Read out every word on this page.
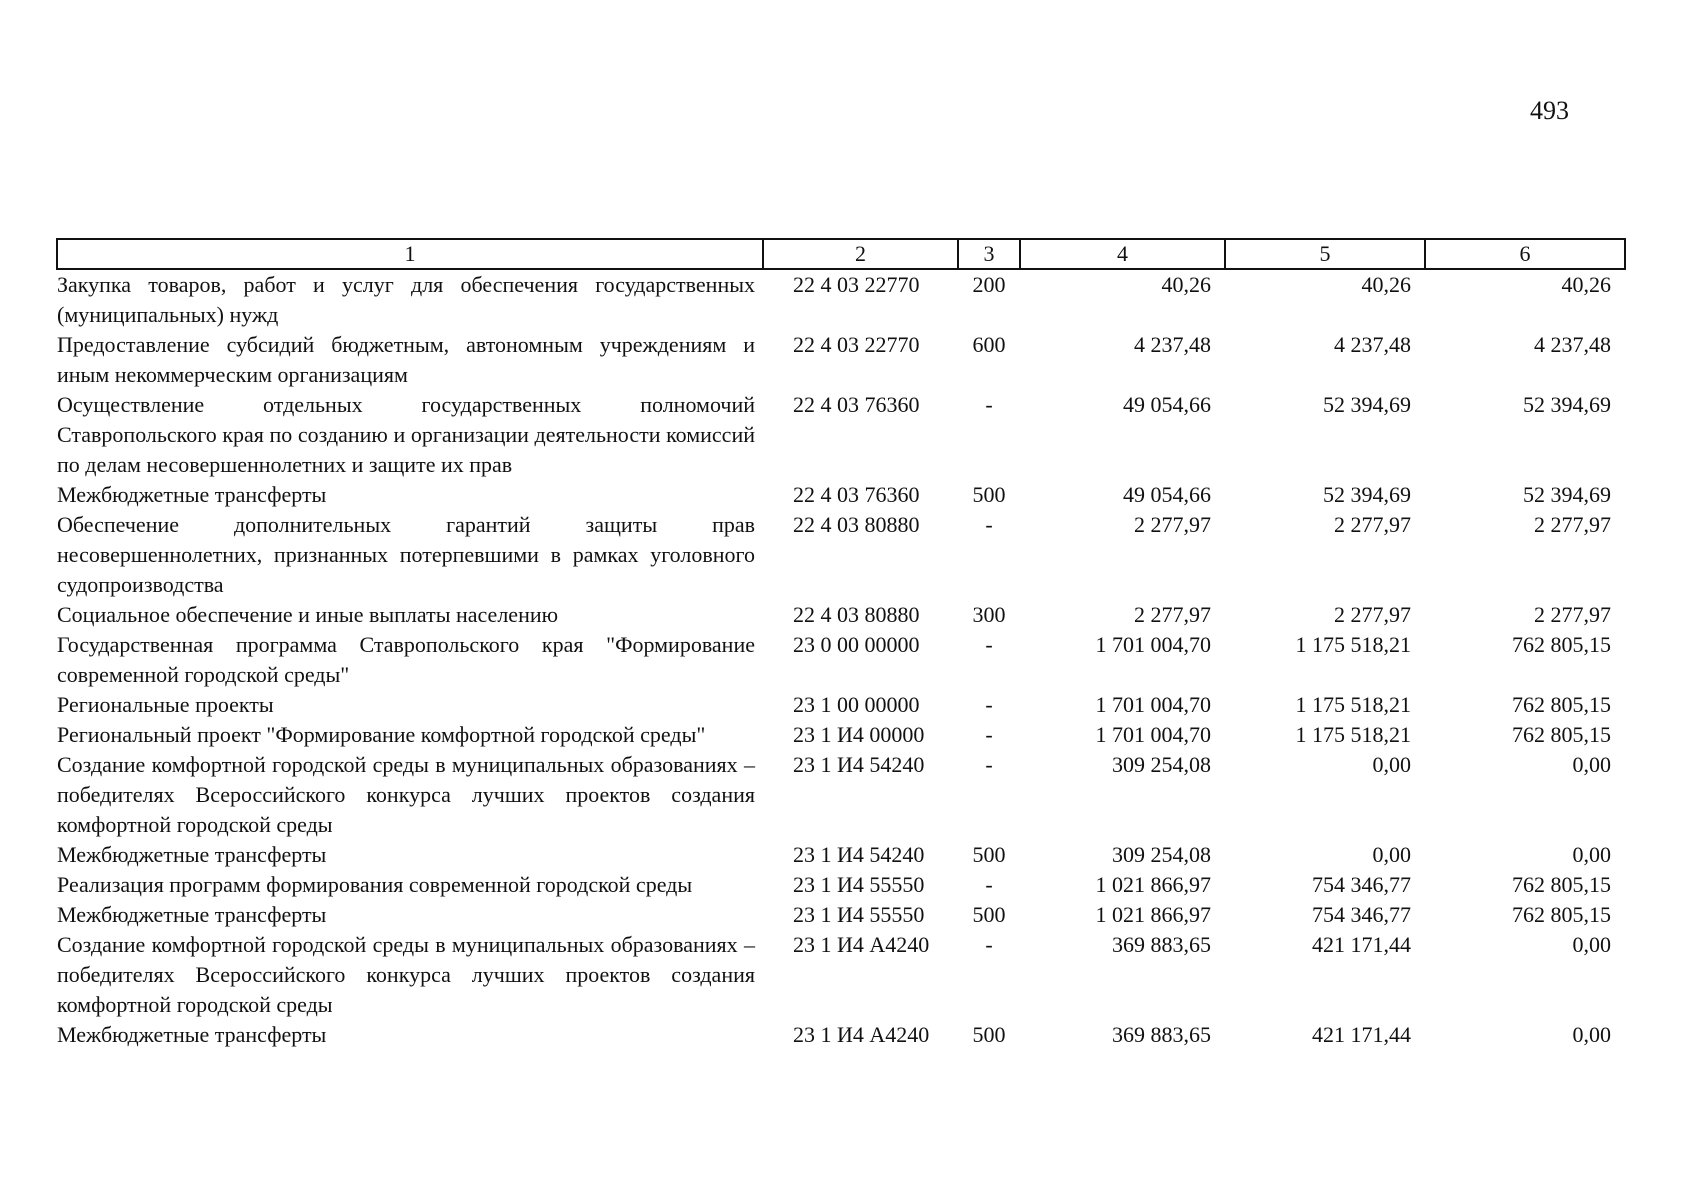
493
1	2	3	4	5	6
Закупка товаров, работ и услуг для обеспечения государственных (муниципальных) нужд	22 4 03 22770	200	40,26	40,26	40,26
Предоставление субсидий бюджетным, автономным учреждениям и иным некоммерческим организациям	22 4 03 22770	600	4 237,48	4 237,48	4 237,48
Осуществление отдельных государственных полномочий Ставропольского края по созданию и организации деятельности комиссий по делам несовершеннолетних и защите их прав	22 4 03 76360	-	49 054,66	52 394,69	52 394,69
Межбюджетные трансферты	22 4 03 76360	500	49 054,66	52 394,69	52 394,69
Обеспечение дополнительных гарантий защиты прав несовершеннолетних, признанных потерпевшими в рамках уголовного судопроизводства	22 4 03 80880	-	2 277,97	2 277,97	2 277,97
Социальное обеспечение и иные выплаты населению	22 4 03 80880	300	2 277,97	2 277,97	2 277,97
Государственная программа Ставропольского края "Формирование современной городской среды"	23 0 00 00000	-	1 701 004,70	1 175 518,21	762 805,15
Региональные проекты	23 1 00 00000	-	1 701 004,70	1 175 518,21	762 805,15
Региональный проект "Формирование комфортной городской среды"	23 1 И4 00000	-	1 701 004,70	1 175 518,21	762 805,15
Создание комфортной городской среды в муниципальных образованиях – победителях Всероссийского конкурса лучших проектов создания комфортной городской среды	23 1 И4 54240	-	309 254,08	0,00	0,00
Межбюджетные трансферты	23 1 И4 54240	500	309 254,08	0,00	0,00
Реализация программ формирования современной городской среды	23 1 И4 55550	-	1 021 866,97	754 346,77	762 805,15
Межбюджетные трансферты	23 1 И4 55550	500	1 021 866,97	754 346,77	762 805,15
Создание комфортной городской среды в муниципальных образованиях – победителях Всероссийского конкурса лучших проектов создания комфортной городской среды	23 1 И4 А4240	-	369 883,65	421 171,44	0,00
Межбюджетные трансферты	23 1 И4 А4240	500	369 883,65	421 171,44	0,00
